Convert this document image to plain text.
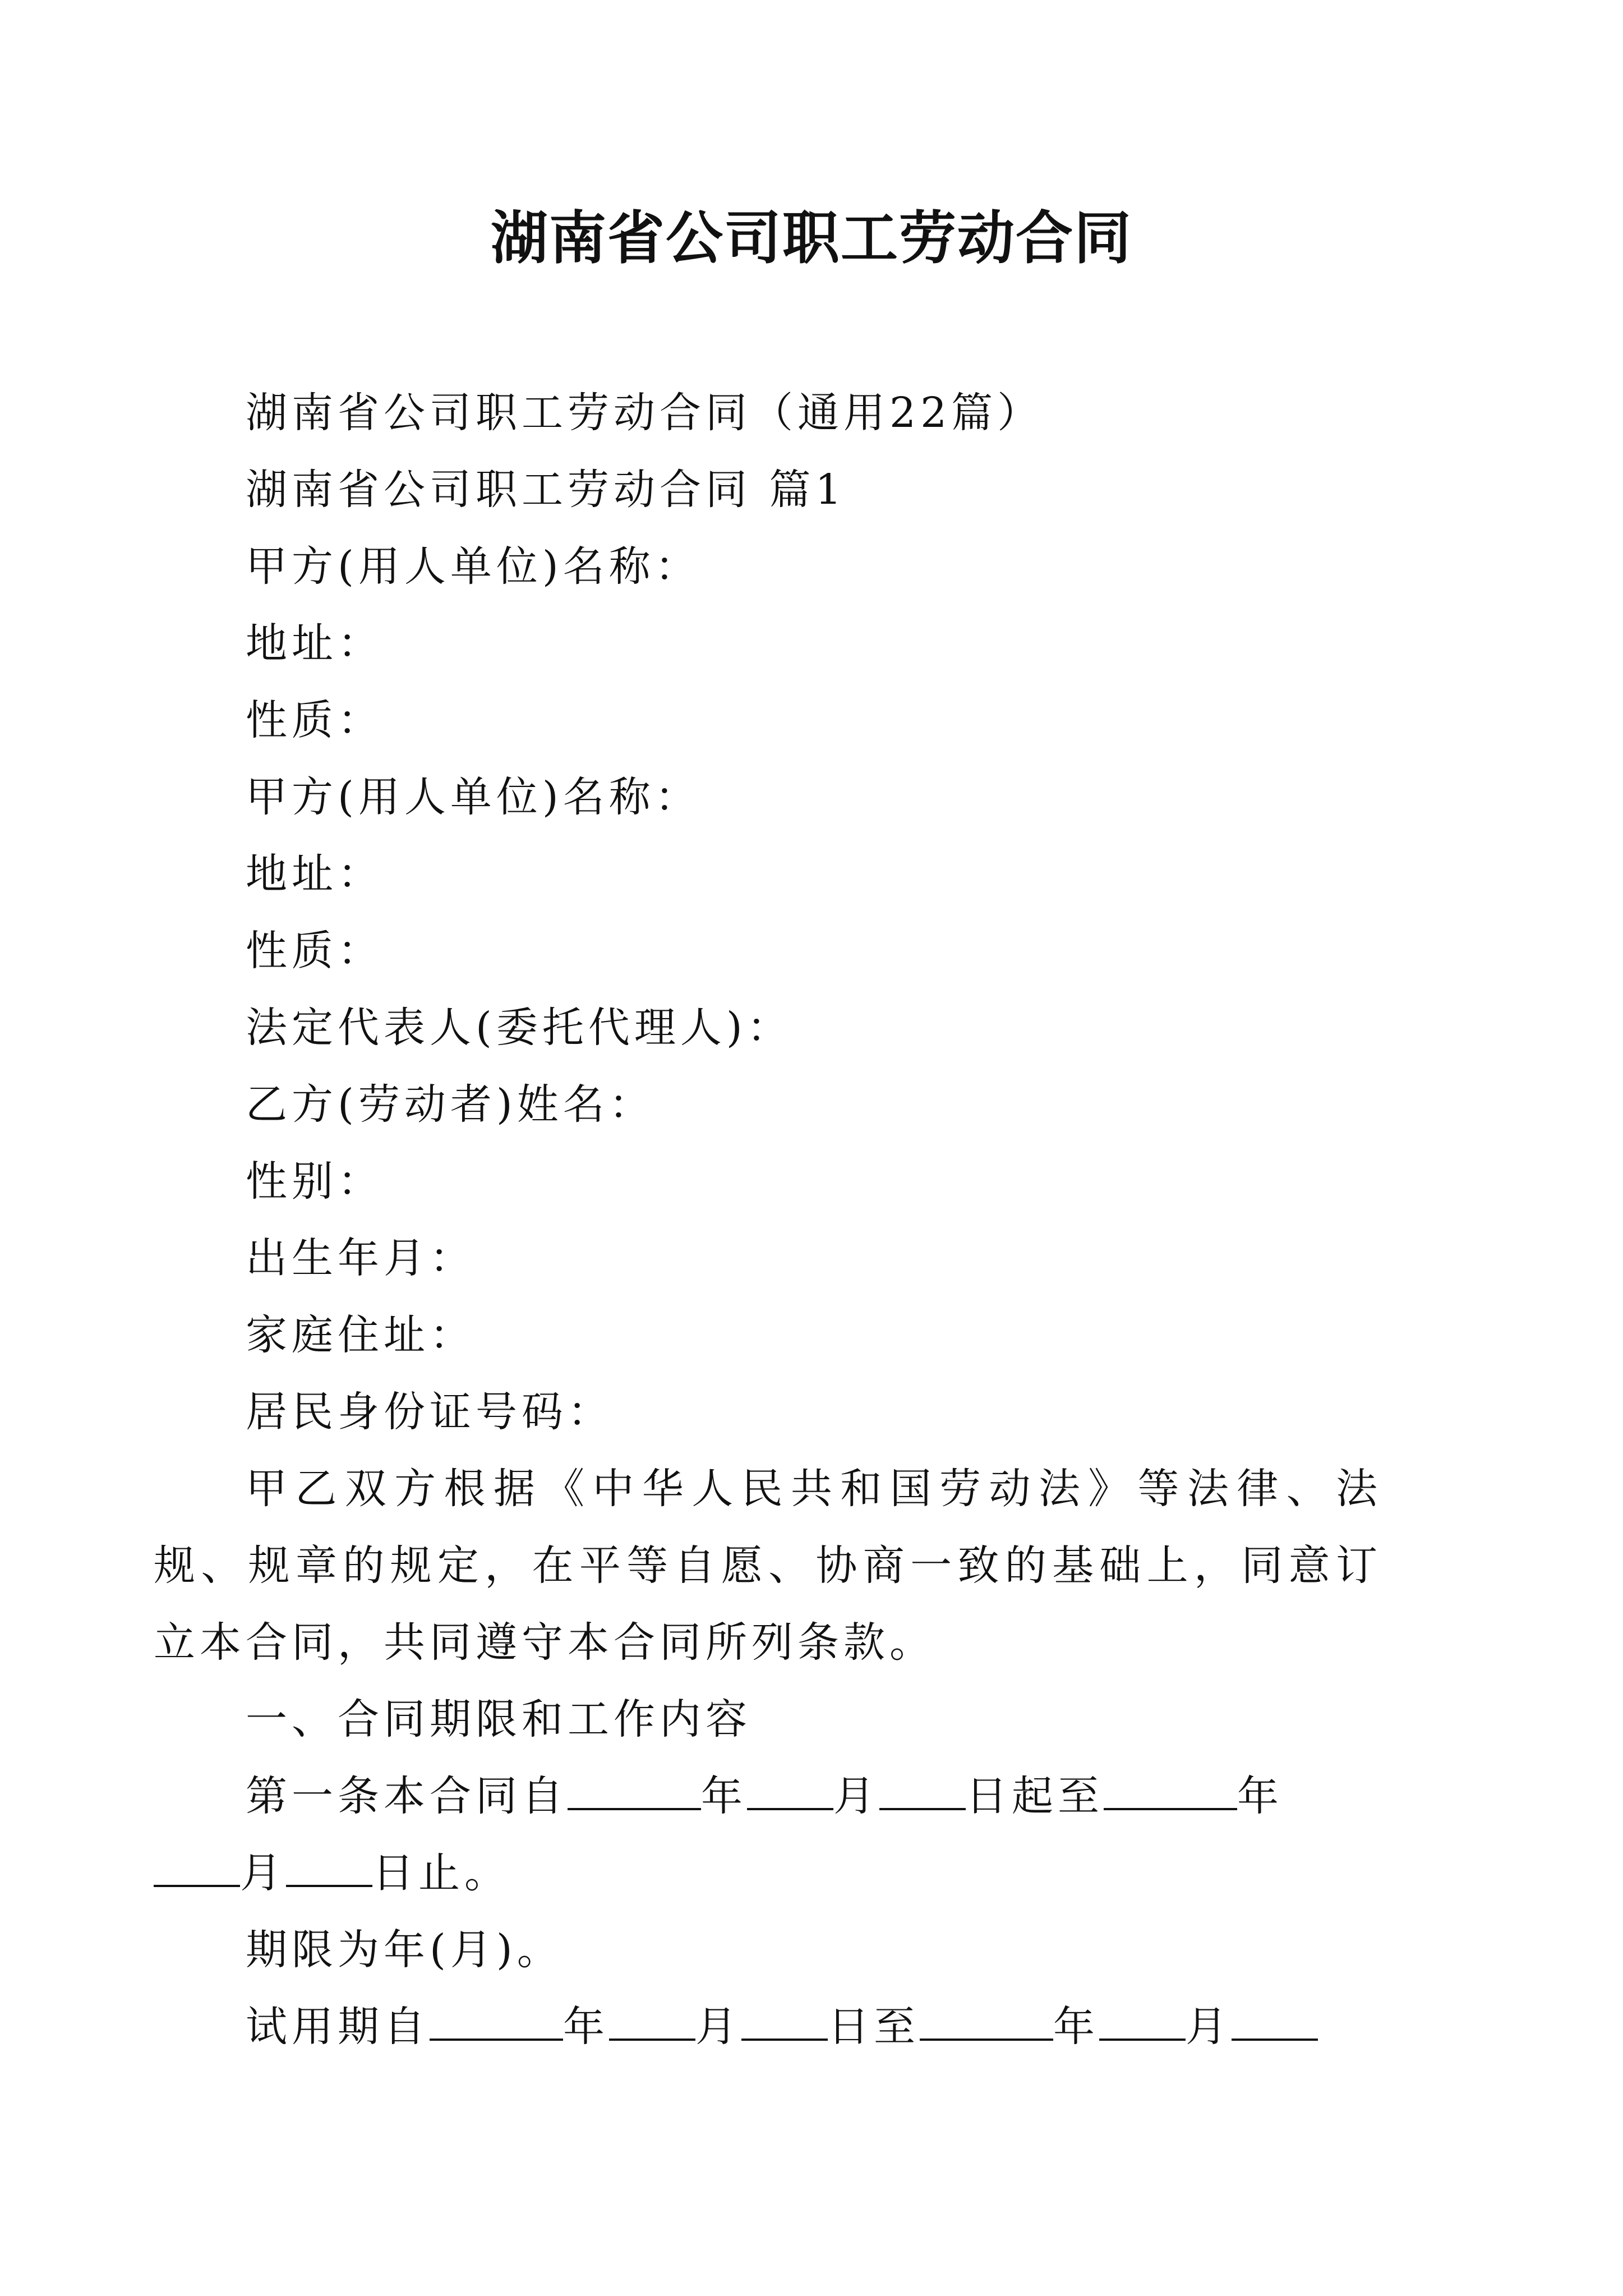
湖南省公司职工劳动合同
湖南省公司职工劳动合同（通用22篇）
湖南省公司职工劳动合同 篇1
甲方(用人单位)名称：
地址：
性质：
甲方(用人单位)名称：
地址：
性质：
法定代表人(委托代理人)：
乙方(劳动者)姓名：
性别：
出生年月：
家庭住址：
居民身份证号码：
甲乙双方根据《中华人民共和国劳动法》等法律、法规、规章的规定，在平等自愿、协商一致的基础上，同意订立本合同，共同遵守本合同所列条款。
一、合同期限和工作内容
第一条本合同自	年 月 日起至	年
月 日止。
期限为年(月)。
试用期自	年 月 日至	年 月
